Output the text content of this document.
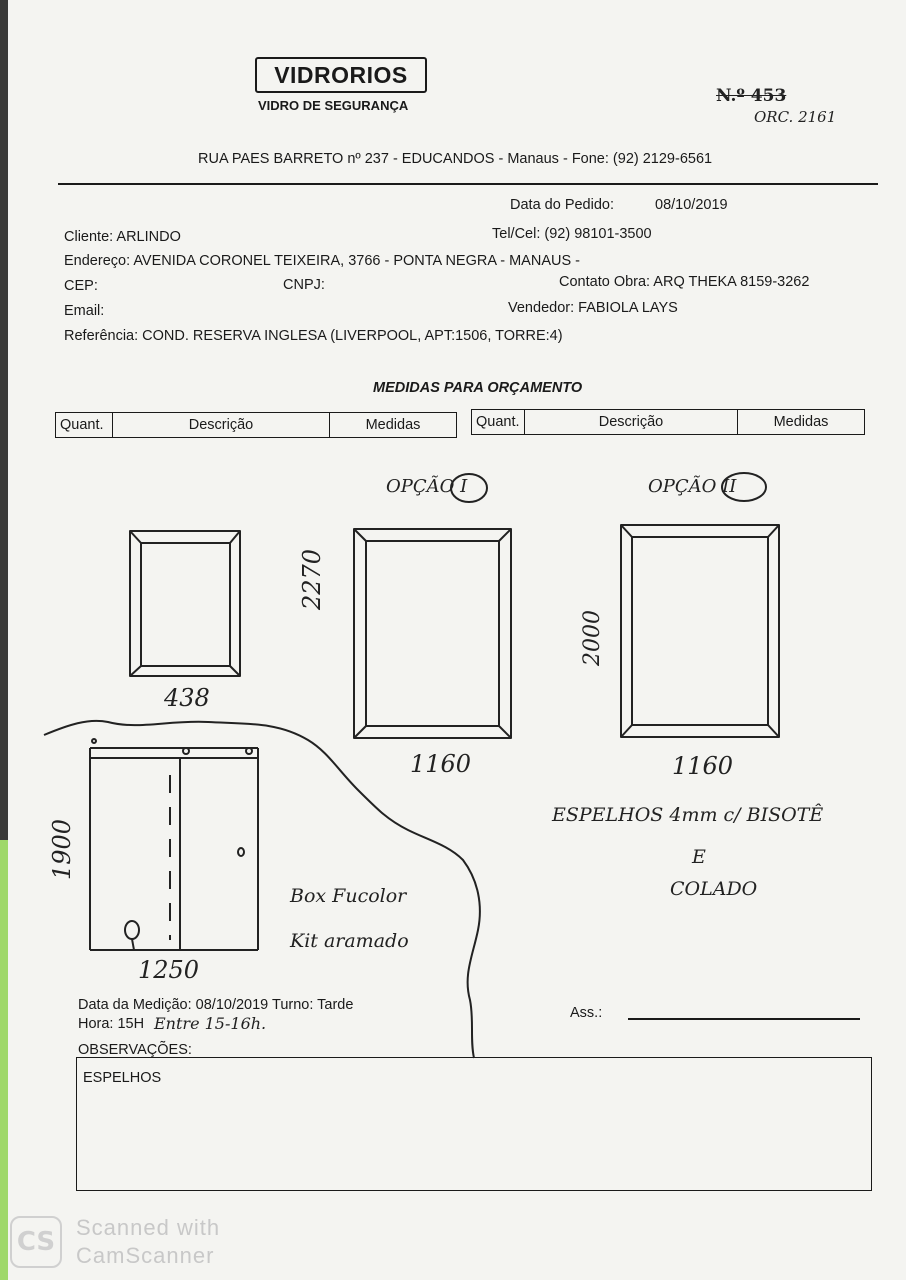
VIDRORIOS
VIDRO DE SEGURANÇA	N.º 453
ORC. 2161
RUA PAES BARRETO nº 237 - EDUCANDOS - Manaus - Fone: (92) 2129-6561
Data do Pedido:	08/10/2019
Cliente: ARLINDO	Tel/Cel: (92) 98101-3500
Endereço: AVENIDA CORONEL TEIXEIRA, 3766 - PONTA NEGRA - MANAUS -
CEP:	CNPJ:	Contato Obra: ARQ THEKA 8159-3262
Email:	Vendedor: FABIOLA LAYS
Referência: COND. RESERVA INGLESA (LIVERPOOL, APT:1506, TORRE:4)
MEDIDAS PARA ORÇAMENTO
Quant.	Descrição	Medidas	Quant.	Descrição	Medidas
OPÇÃO I	OPÇÃO II
438
2270
1160
2000
1160
ESPELHOS 4mm c/ BISOTÊ
E
COLADO
1900
1250
Box Fucolor
Kit aramado
Data da Medição: 08/10/2019 Turno: Tarde
Hora: 15H Entre 15-16h.
Ass.:
OBSERVAÇÕES:
ESPELHOS
CS Scanned with
CamScanner
